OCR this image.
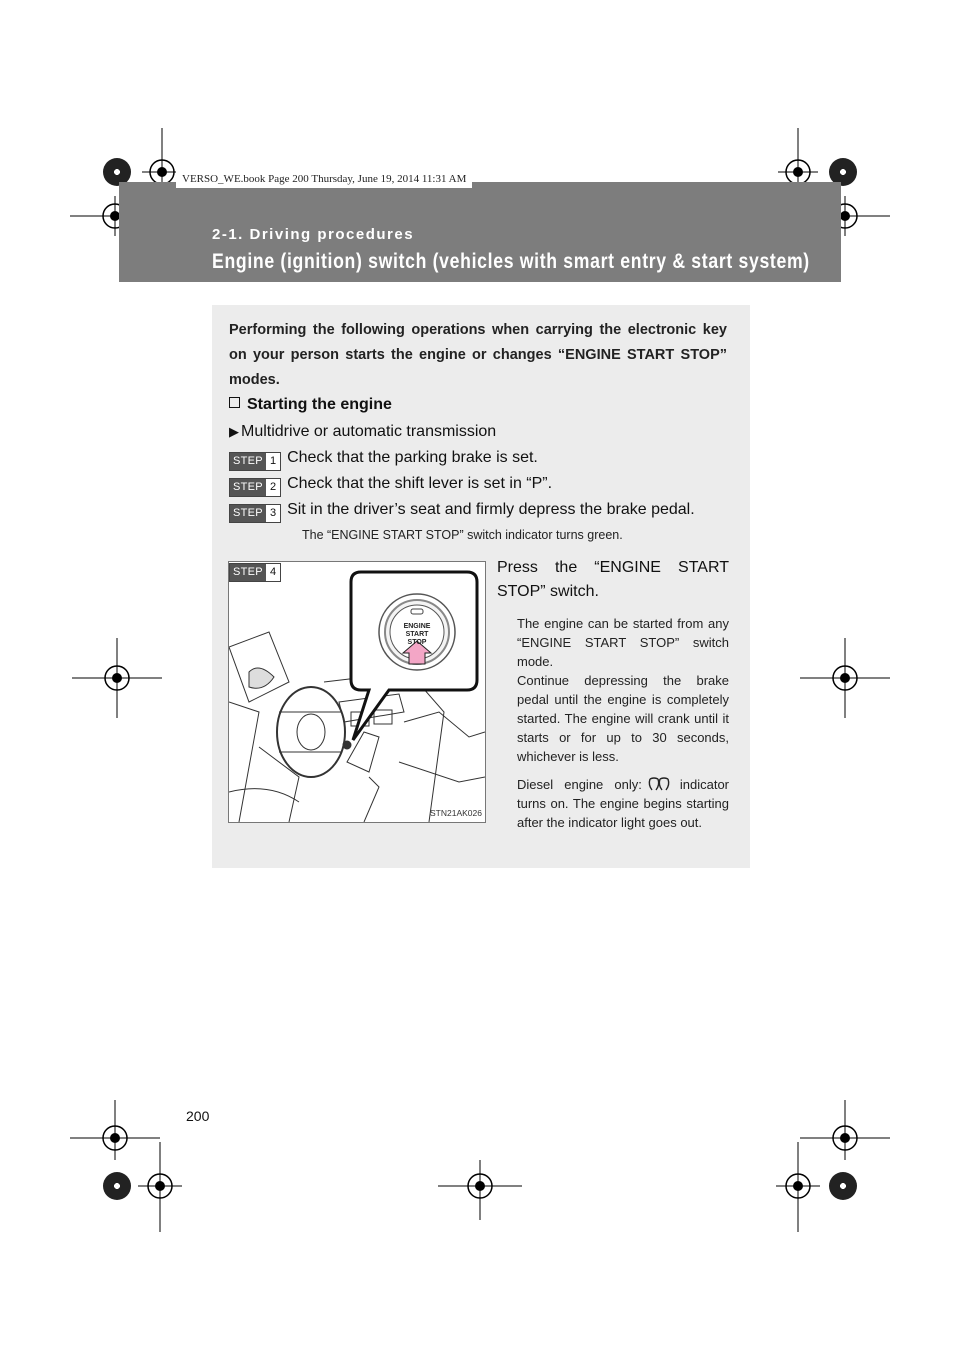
VERSO_WE.book Page 200 Thursday, June 19, 2014 11:31 AM
2-1. Driving procedures
Engine (ignition) switch (vehicles with smart entry & start system)
Performing the following operations when carrying the electronic key on your person starts the engine or changes “ENGINE START STOP” modes.
Starting the engine
▶ Multidrive or automatic transmission
STEP 1 Check that the parking brake is set.
STEP 2 Check that the shift lever is set in “P”.
STEP 3 Sit in the driver’s seat and firmly depress the brake pedal.
The “ENGINE START STOP” switch indicator turns green.
ENGINE
START
STOP
STEP 4
STN21AK026
Press the “ENGINE START STOP” switch.
The engine can be started from any “ENGINE START STOP” switch mode.
Continue depressing the brake pedal until the engine is completely started. The engine will crank until it starts or for up to 30 seconds, whichever is less.
Diesel engine only:	indicator turns on. The engine begins starting after the indicator light goes out.
200
